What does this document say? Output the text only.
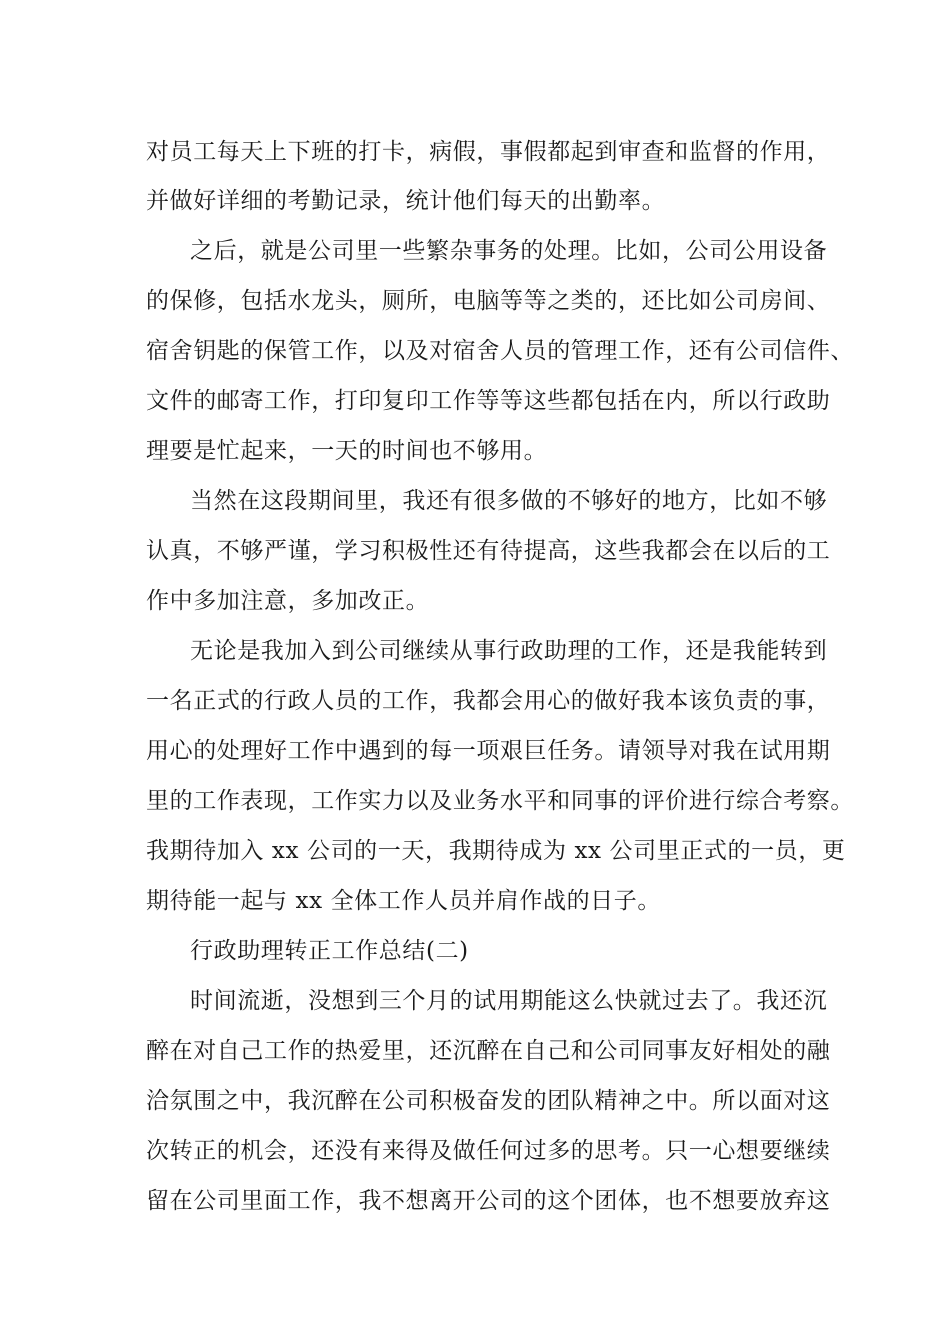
对员工每天上下班的打卡，病假，事假都起到审查和监督的作用，
并做好详细的考勤记录，统计他们每天的出勤率。
之后，就是公司里一些繁杂事务的处理。比如，公司公用设备
的保修，包括水龙头，厕所，电脑等等之类的，还比如公司房间、
宿舍钥匙的保管工作，以及对宿舍人员的管理工作，还有公司信件、
文件的邮寄工作，打印复印工作等等这些都包括在内，所以行政助
理要是忙起来，一天的时间也不够用。
当然在这段期间里，我还有很多做的不够好的地方，比如不够
认真，不够严谨，学习积极性还有待提高，这些我都会在以后的工
作中多加注意，多加改正。
无论是我加入到公司继续从事行政助理的工作，还是我能转到
一名正式的行政人员的工作，我都会用心的做好我本该负责的事，
用心的处理好工作中遇到的每一项艰巨任务。请领导对我在试用期
里的工作表现，工作实力以及业务水平和同事的评价进行综合考察。
我期待加入 xx 公司的一天，我期待成为 xx 公司里正式的一员，更
期待能一起与 xx 全体工作人员并肩作战的日子。
行政助理转正工作总结(二)
时间流逝，没想到三个月的试用期能这么快就过去了。我还沉
醉在对自己工作的热爱里，还沉醉在自己和公司同事友好相处的融
洽氛围之中，我沉醉在公司积极奋发的团队精神之中。所以面对这
次转正的机会，还没有来得及做任何过多的思考。只一心想要继续
留在公司里面工作，我不想离开公司的这个团体，也不想要放弃这
